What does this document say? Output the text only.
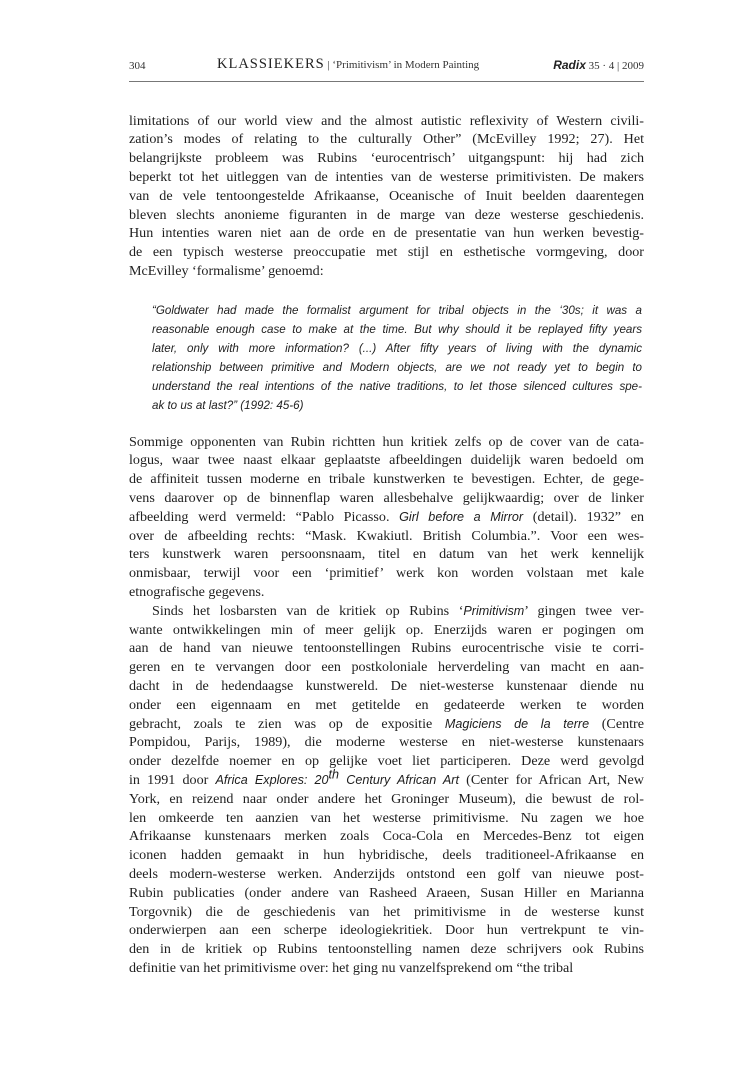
304	KLASSIEKERS | ‘Primitivism’ in Modern Painting	Radix 35 · 4 | 2009
limitations of our world view and the almost autistic reflexivity of Western civili-
zation’s modes of relating to the culturally Other” (McEvilley 1992; 27). Het
belangrijkste probleem was Rubins ‘eurocentrisch’ uitgangspunt: hij had zich
beperkt tot het uitleggen van de intenties van de westerse primitivisten. De makers
van de vele tentoongestelde Afrikaanse, Oceanische of Inuit beelden daarentegen
bleven slechts anonieme figuranten in de marge van deze westerse geschiedenis.
Hun intenties waren niet aan de orde en de presentatie van hun werken bevestig-
de een typisch westerse preoccupatie met stijl en esthetische vormgeving, door
McEvilley ‘formalisme’ genoemd:
“Goldwater had made the formalist argument for tribal objects in the ‘30s; it was a
reasonable enough case to make at the time. But why should it be replayed fifty years
later, only with more information? (...) After fifty years of living with the dynamic
relationship between primitive and Modern objects, are we not ready yet to begin to
understand the real intentions of the native traditions, to let those silenced cultures spe-
ak to us at last?” (1992: 45-6)
Sommige opponenten van Rubin richtten hun kritiek zelfs op de cover van de cata-
logus, waar twee naast elkaar geplaatste afbeeldingen duidelijk waren bedoeld om
de affiniteit tussen moderne en tribale kunstwerken te bevestigen. Echter, de gege-
vens daarover op de binnenflap waren allesbehalve gelijkwaardig; over de linker
afbeelding werd vermeld: “Pablo Picasso. Girl before a Mirror (detail). 1932” en
over de afbeelding rechts: “Mask. Kwakiutl. British Columbia.”. Voor een wes-
ters kunstwerk waren persoonsnaam, titel en datum van het werk kennelijk
onmisbaar, terwijl voor een ‘primitief’ werk kon worden volstaan met kale
etnografische gegevens.
Sinds het losbarsten van de kritiek op Rubins ‘Primitivism’ gingen twee ver-
wante ontwikkelingen min of meer gelijk op. Enerzijds waren er pogingen om
aan de hand van nieuwe tentoonstellingen Rubins eurocentrische visie te corri-
geren en te vervangen door een postkoloniale herverdeling van macht en aan-
dacht in de hedendaagse kunstwereld. De niet-westerse kunstenaar diende nu
onder een eigennaam en met getitelde en gedateerde werken te worden
gebracht, zoals te zien was op de expositie Magiciens de la terre (Centre
Pompidou, Parijs, 1989), die moderne westerse en niet-westerse kunstenaars
onder dezelfde noemer en op gelijke voet liet participeren. Deze werd gevolgd
in 1991 door Africa Explores: 20th Century African Art (Center for African Art, New
York, en reizend naar onder andere het Groninger Museum), die bewust de rol-
len omkeerde ten aanzien van het westerse primitivisme. Nu zagen we hoe
Afrikaanse kunstenaars merken zoals Coca-Cola en Mercedes-Benz tot eigen
iconen hadden gemaakt in hun hybridische, deels traditioneel-Afrikaanse en
deels modern-westerse werken. Anderzijds ontstond een golf van nieuwe post-
Rubin publicaties (onder andere van Rasheed Araeen, Susan Hiller en Marianna
Torgovnik) die de geschiedenis van het primitivisme in de westerse kunst
onderwierpen aan een scherpe ideologiekritiek. Door hun vertrekpunt te vin-
den in de kritiek op Rubins tentoonstelling namen deze schrijvers ook Rubins
definitie van het primitivisme over: het ging nu vanzelfsprekend om “the tribal
